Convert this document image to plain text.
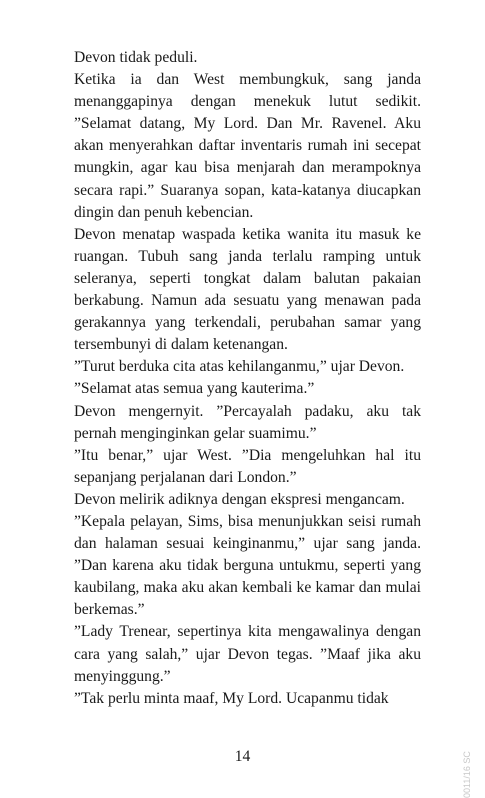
Devon tidak peduli.

Ketika ia dan West membungkuk, sang janda menanggapinya dengan menekuk lutut sedikit. ”Selamat datang, My Lord. Dan Mr. Ravenel. Aku akan menyerahkan daftar inventaris rumah ini secepat mungkin, agar kau bisa menjarah dan merampoknya secara rapi.” Suaranya sopan, kata-katanya diucapkan dingin dan penuh kebencian.

Devon menatap waspada ketika wanita itu masuk ke ruangan. Tubuh sang janda terlalu ramping untuk seleranya, seperti tongkat dalam balutan pakaian berkabung. Namun ada sesuatu yang menawan pada gerakannya yang terkendali, perubahan samar yang tersembunyi di dalam ketenangan.

”Turut berduka cita atas kehilanganmu,” ujar Devon.

”Selamat atas semua yang kauterima.”

Devon mengernyit. ”Percayalah padaku, aku tak pernah menginginkan gelar suamimu.”

”Itu benar,” ujar West. ”Dia mengeluhkan hal itu sepanjang perjalanan dari London.”

Devon melirik adiknya dengan ekspresi mengancam.

”Kepala pelayan, Sims, bisa menunjukkan seisi rumah dan halaman sesuai keinginanmu,” ujar sang janda. ”Dan karena aku tidak berguna untukmu, seperti yang kaubilang, maka aku akan kembali ke kamar dan mulai berkemas.”

”Lady Trenear, sepertinya kita mengawalinya dengan cara yang salah,” ujar Devon tegas. ”Maaf jika aku menyinggung.”

”Tak perlu minta maaf, My Lord. Ucapanmu tidak

14	0011/16 SC
